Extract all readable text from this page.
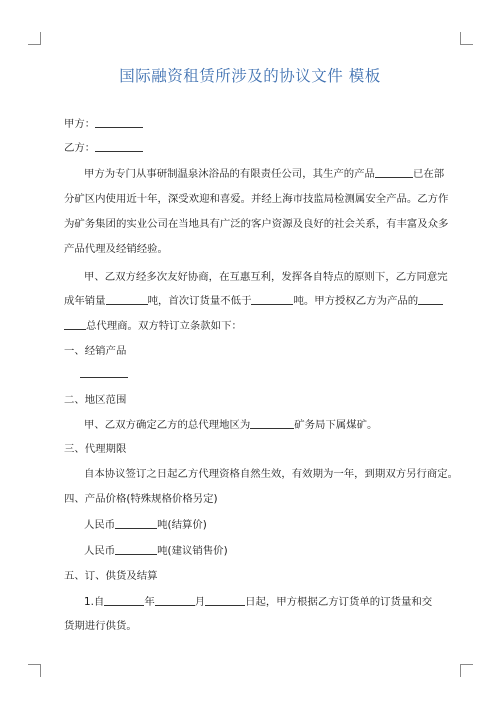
国际融资租赁所涉及的协议文件 模板
甲方：
乙方：
甲方为专门从事研制温泉沐浴品的有限责任公司，其生产的产品	已在部
分矿区内使用近十年，深受欢迎和喜爱。并经上海市技监局检测属安全产品。乙方作
为矿务集团的实业公司在当地具有广泛的客户资源及良好的社会关系，有丰富及众多
产品代理及经销经验。
甲、乙双方经多次友好协商，在互惠互利，发挥各自特点的原则下，乙方同意完
成年销量	吨，首次订货量不低于	吨。甲方授权乙方为产品的
总代理商。双方特订立条款如下：
一、经销产品
二、地区范围
甲、乙双方确定乙方的总代理地区为	矿务局下属煤矿。
三、代理期限
自本协议签订之日起乙方代理资格自然生效，有效期为一年，到期双方另行商定。
四、产品价格(特殊规格价格另定)
人民币	吨(结算价)
人民币	吨(建议销售价)
五、订、供货及结算
1.自	年	月	日起，甲方根据乙方订货单的订货量和交
货期进行供货。
